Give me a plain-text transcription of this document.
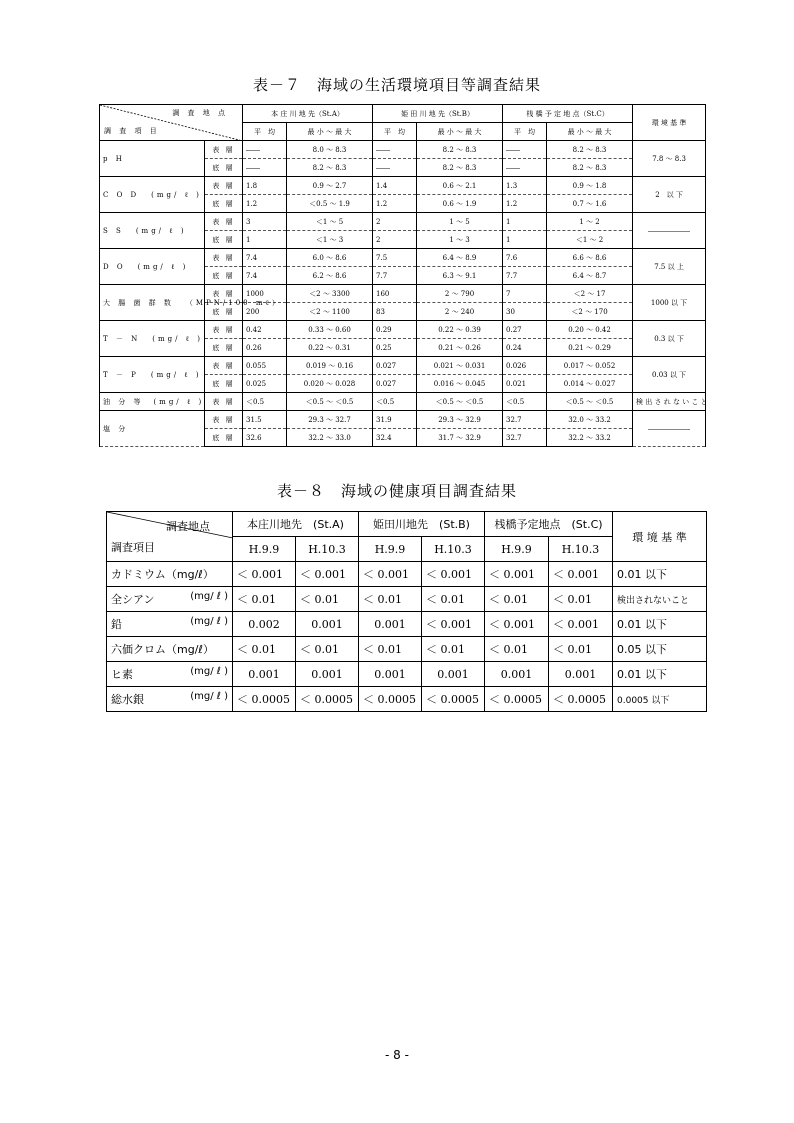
表－７　海域の生活環境項目等調査結果
調 査 地 点
調 査 項 目		本 庄 川 地 先（St.A）		姫 田 川 地 先（St.B）		桟 橋 予 定 地 点（St.C）		環 境 基 準
		平　均	最 小 ～ 最 大	平　均	最 小 ～ 最 大	平　均	最 小 ～ 最 大	
p H	表 層	――	8.0 ～ 8.3	――	8.2 ～ 8.3	――	8.2 ～ 8.3	7.8 ～ 8.3
	底 層	――	8.2 ～ 8.3	――	8.2 ～ 8.3	――	8.2 ～ 8.3	
C O D (mg/ ℓ )	表 層	1.8	0.9 ～ 2.7	1.4	0.6 ～ 2.1	1.3	0.9 ～ 1.8	2　以 下
	底 層	1.2	＜0.5 ～ 1.9	1.2	0.6 ～ 1.9	1.2	0.7 ～ 1.6	
S S (mg/ ℓ )	表 層	3	＜1 ～ 5	2	1 ～ 5	1	1 ～ 2	――――――
	底 層	1	＜1 ～ 3	2	1 ～ 3	1	＜1 ～ 2	
D O (mg/ ℓ )	表 層	7.4	6.0 ～ 8.6	7.5	6.4 ～ 8.9	7.6	6.6 ～ 8.6	7.5 以 上
	底 層	7.4	6.2 ～ 8.6	7.7	6.3 ～ 9.1	7.7	6.4 ～ 8.7	
大 腸 菌 群 数 （MPN/100 mℓ）	表 層	1000	＜2 ～ 3300	160	2 ～ 790	7	＜2 ～ 17	1000 以 下
	底 層	200	＜2 ～ 1100	83	2 ～ 240	30	＜2 ～ 170	
T － N (mg/ ℓ )	表 層	0.42	0.33 ～ 0.60	0.29	0.22 ～ 0.39	0.27	0.20 ～ 0.42	0.3 以 下
	底 層	0.26	0.22 ～ 0.31	0.25	0.21 ～ 0.26	0.24	0.21 ～ 0.29	
T － P (mg/ ℓ )	表 層	0.055	0.019 ～ 0.16	0.027	0.021 ～ 0.031	0.026	0.017 ～ 0.052	0.03 以 下
	底 層	0.025	0.020 ～ 0.028	0.027	0.016 ～ 0.045	0.021	0.014 ～ 0.027	
油 分 等　(mg/ ℓ )	表 層	＜0.5	＜0.5 ～ ＜0.5	＜0.5	＜0.5 ～ ＜0.5	＜0.5	＜0.5 ～ ＜0.5	検 出 さ れ な い こ と
塩 分	表 層	31.5	29.3 ～ 32.7	31.9	29.3 ～ 32.9	32.7	32.0 ～ 33.2	――――――
	底 層	32.6	32.2 ～ 33.0	32.4	31.7 ～ 32.9	32.7	32.2 ～ 33.2	
表－８　海域の健康項目調査結果
調査地点
調査項目	本庄川地先　(St.A)		姫田川地先　(St.B)		桟橋予定地点　(St.C)		環 境 基 準
	H.9.9	H.10.3	H.9.9	H.10.3	H.9.9	H.10.3	
カドミウム（mg/ℓ）	＜ 0.001	＜ 0.001	＜ 0.001	＜ 0.001	＜ 0.001	＜ 0.001	0.01 以下
全シアン (mg/ ℓ )	＜ 0.01	＜ 0.01	＜ 0.01	＜ 0.01	＜ 0.01	＜ 0.01	検出されないこと
鉛 (mg/ ℓ )	0.002	0.001	0.001	＜ 0.001	＜ 0.001	＜ 0.001	0.01 以下
六価クロム（mg/ℓ）	＜ 0.01	＜ 0.01	＜ 0.01	＜ 0.01	＜ 0.01	＜ 0.01	0.05 以下
ヒ素 (mg/ ℓ )	0.001	0.001	0.001	0.001	0.001	0.001	0.01 以下
総水銀 (mg/ ℓ )	＜ 0.0005	＜ 0.0005	＜ 0.0005	＜ 0.0005	＜ 0.0005	＜ 0.0005	0.0005 以下
- 8 -
